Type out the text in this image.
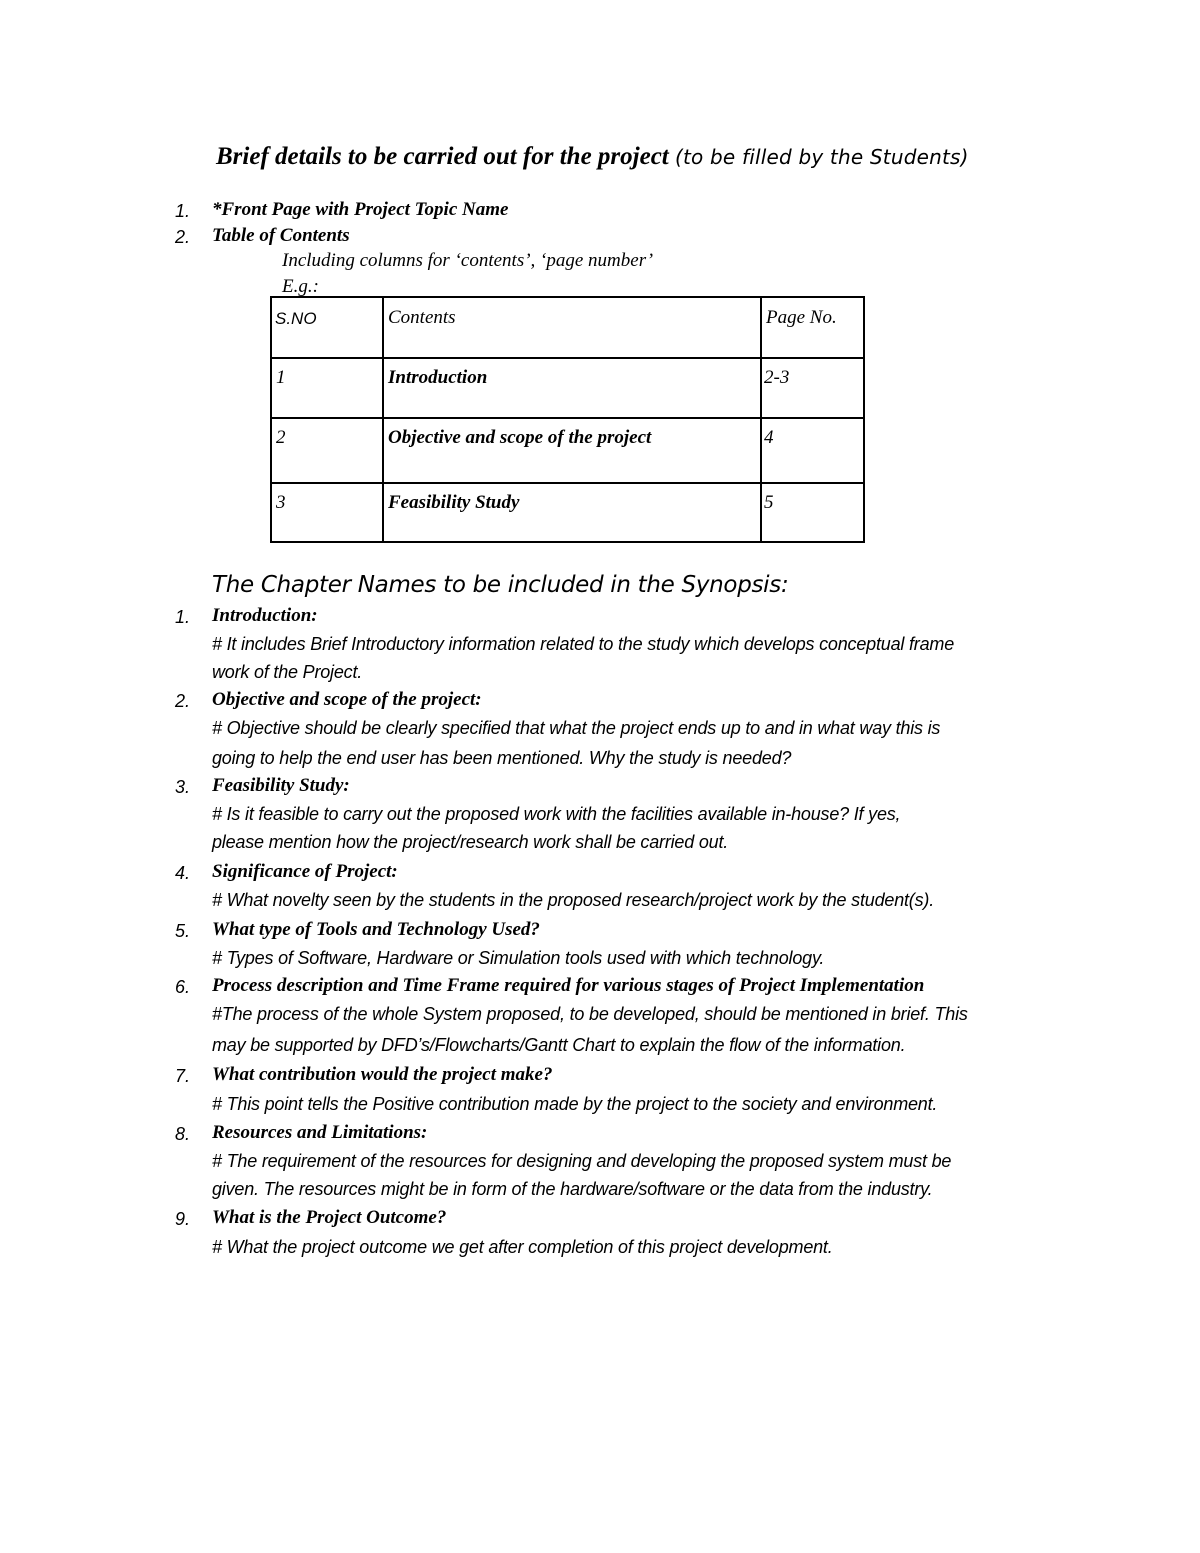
Brief details to be carried out for the project (to be filled by the Students)
1. *Front Page with Project Topic Name
2. Table of Contents
Including columns for ‘contents’, ‘page number’
E.g.:
S.NO	Contents	Page No.
1	Introduction	2-3
2	Objective and scope of the project	4
3	Feasibility Study	5
The Chapter Names to be included in the Synopsis:
1. Introduction:
# It includes Brief Introductory information related to the study which develops conceptual frame
work of the Project.
2. Objective and scope of the project:
# Objective should be clearly specified that what the project ends up to and in what way this is
going to help the end user has been mentioned. Why the study is needed?
3. Feasibility Study:
# Is it feasible to carry out the proposed work with the facilities available in-house? If yes,
please mention how the project/research work shall be carried out.
4. Significance of Project:
# What novelty seen by the students in the proposed research/project work by the student(s).
5. What type of Tools and Technology Used?
# Types of Software, Hardware or Simulation tools used with which technology.
6. Process description and Time Frame required for various stages of Project Implementation
#The process of the whole System proposed, to be developed, should be mentioned in brief. This
may be supported by DFD’s/Flowcharts/Gantt Chart to explain the flow of the information.
7. What contribution would the project make?
# This point tells the Positive contribution made by the project to the society and environment.
8. Resources and Limitations:
# The requirement of the resources for designing and developing the proposed system must be
given. The resources might be in form of the hardware/software or the data from the industry.
9. What is the Project Outcome?
# What the project outcome we get after completion of this project development.
